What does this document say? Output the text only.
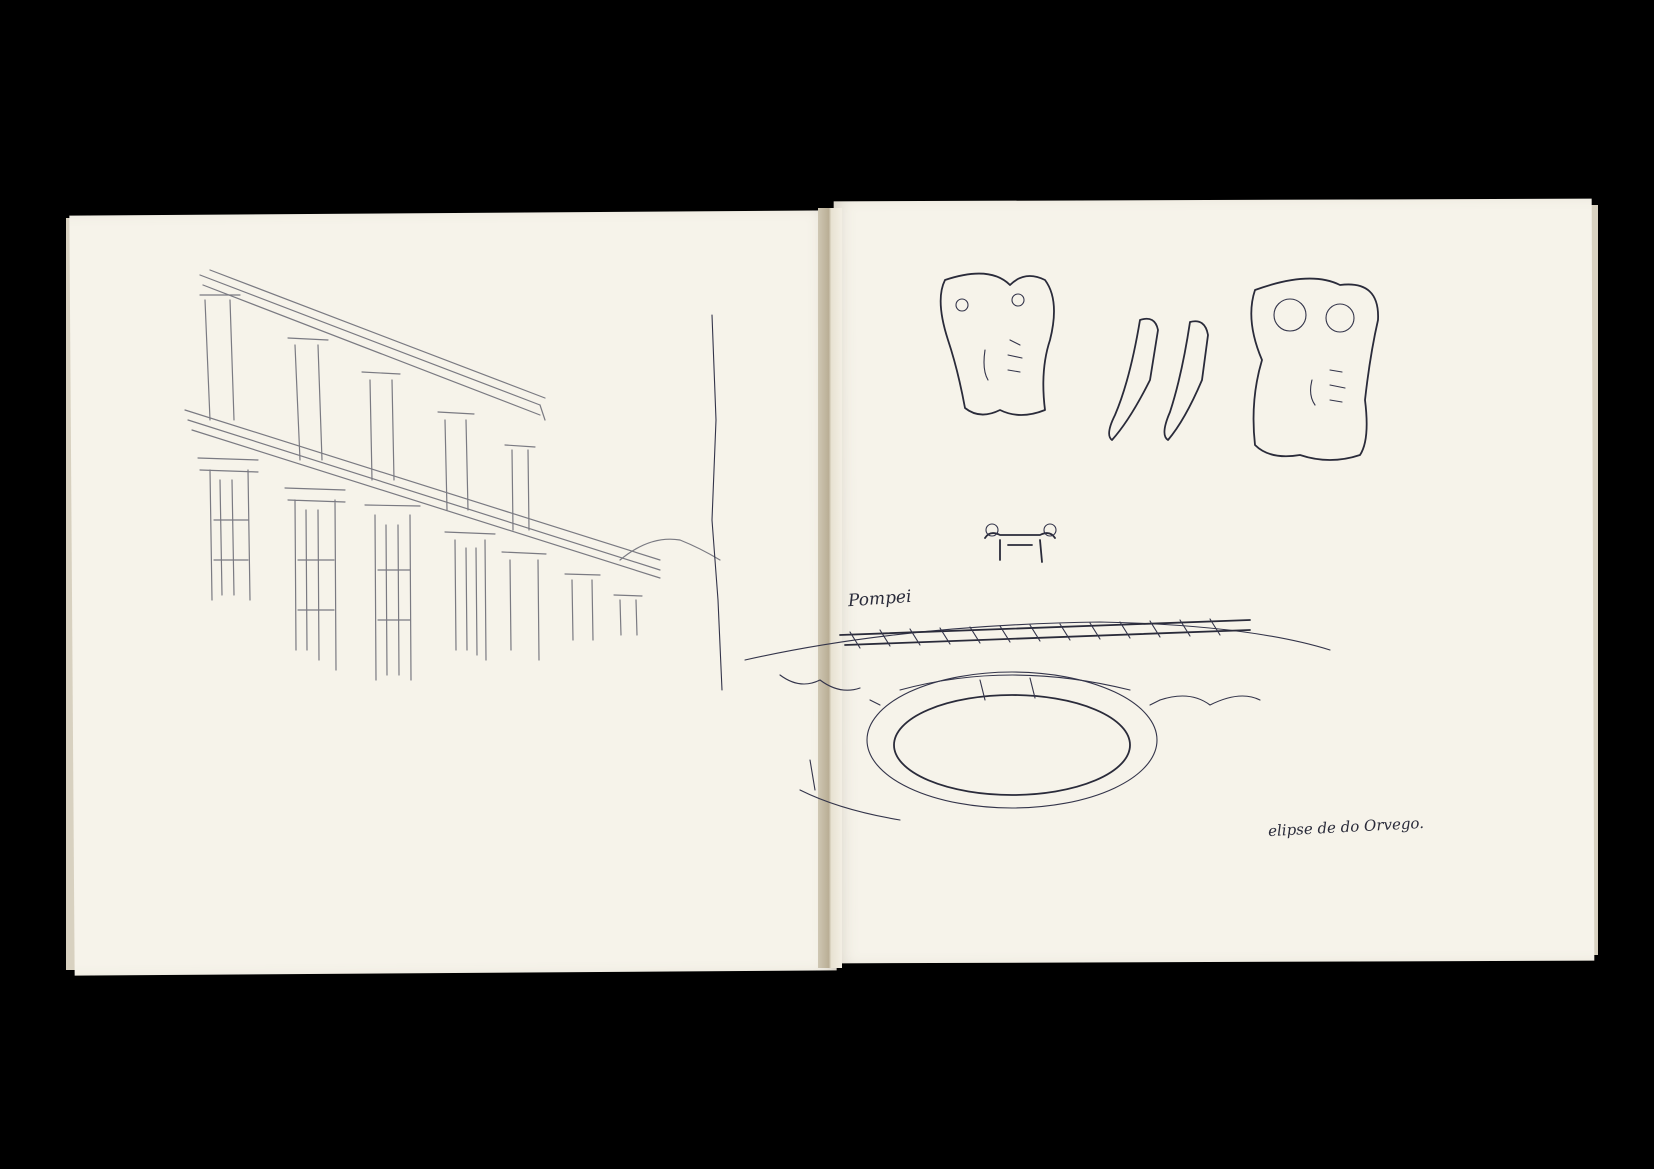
Pompei
elipse de do Orvego.
